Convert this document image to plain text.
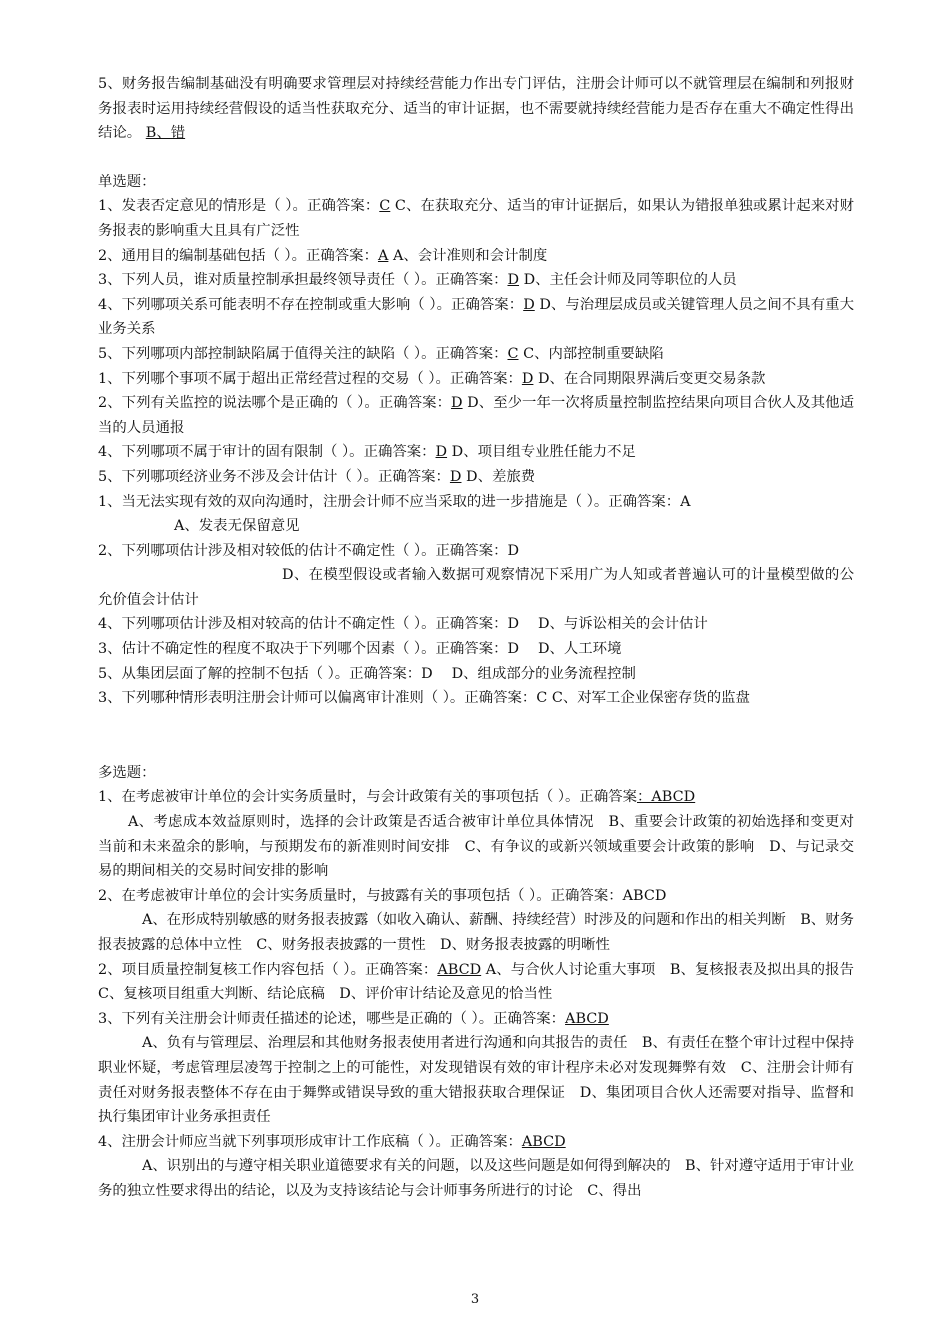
5、财务报告编制基础没有明确要求管理层对持续经营能力作出专门评估，注册会计师可以不就管理层在编制和列报财务报表时运用持续经营假设的适当性获取充分、适当的审计证据，也不需要就持续经营能力是否存在重大不确定性得出结论。 B、错

单选题：

1、发表否定意见的情形是（ ）。正确答案：C C、在获取充分、适当的审计证据后，如果认为错报单独或累计起来对财务报表的影响重大且具有广泛性

2、通用目的编制基础包括（ ）。正确答案：A A、会计准则和会计制度

3、下列人员，谁对质量控制承担最终领导责任（ ）。正确答案：D D、主任会计师及同等职位的人员

4、下列哪项关系可能表明不存在控制或重大影响（ ）。正确答案：D D、与治理层成员或关键管理人员之间不具有重大业务关系

5、下列哪项内部控制缺陷属于值得关注的缺陷（ ）。正确答案：C C、内部控制重要缺陷

1、下列哪个事项不属于超出正常经营过程的交易（ ）。正确答案：D D、在合同期限界满后变更交易条款

2、下列有关监控的说法哪个是正确的（ ）。正确答案：D D、至少一年一次将质量控制监控结果向项目合伙人及其他适当的人员通报

4、下列哪项不属于审计的固有限制（ ）。正确答案：D D、项目组专业胜任能力不足

5、下列哪项经济业务不涉及会计估计（ ）。正确答案：D D、差旅费

1、当无法实现有效的双向沟通时，注册会计师不应当采取的进一步措施是（ ）。正确答案：A

A、发表无保留意见

2、下列哪项估计涉及相对较低的估计不确定性（ ）。正确答案：D

D、在模型假设或者输入数据可观察情况下采用广为人知或者普遍认可的计量模型做的公允价值会计估计

4、下列哪项估计涉及相对较高的估计不确定性（ ）。正确答案：D　 D、与诉讼相关的会计估计

3、估计不确定性的程度不取决于下列哪个因素（ ）。正确答案：D　 D、人工环境

5、从集团层面了解的控制不包括（ ）。正确答案：D　 D、组成部分的业务流程控制

3、下列哪种情形表明注册会计师可以偏离审计准则（ ）。正确答案：C C、对军工企业保密存货的监盘

多选题：

1、在考虑被审计单位的会计实务质量时，与会计政策有关的事项包括（ ）。正确答案：ABCD

A、考虑成本效益原则时，选择的会计政策是否适合被审计单位具体情况　B、重要会计政策的初始选择和变更对当前和未来盈余的影响，与预期发布的新准则时间安排　C、有争议的或新兴领域重要会计政策的影响　D、与记录交易的期间相关的交易时间安排的影响

2、在考虑被审计单位的会计实务质量时，与披露有关的事项包括（ ）。正确答案：ABCD

A、在形成特别敏感的财务报表披露（如收入确认、薪酬、持续经营）时涉及的问题和作出的相关判断　B、财务报表披露的总体中立性　C、财务报表披露的一贯性　D、财务报表披露的明晰性

2、项目质量控制复核工作内容包括（ ）。正确答案：ABCD A、与合伙人讨论重大事项　B、复核报表及拟出具的报告　C、复核项目组重大判断、结论底稿　D、评价审计结论及意见的恰当性

3、下列有关注册会计师责任描述的论述，哪些是正确的（ ）。正确答案：ABCD

A、负有与管理层、治理层和其他财务报表使用者进行沟通和向其报告的责任　B、有责任在整个审计过程中保持职业怀疑，考虑管理层凌驾于控制之上的可能性，对发现错误有效的审计程序未必对发现舞弊有效　C、注册会计师有责任对财务报表整体不存在由于舞弊或错误导致的重大错报获取合理保证　D、集团项目合伙人还需要对指导、监督和执行集团审计业务承担责任

4、注册会计师应当就下列事项形成审计工作底稿（ ）。正确答案：ABCD

A、识别出的与遵守相关职业道德要求有关的问题，以及这些问题是如何得到解决的　B、针对遵守适用于审计业务的独立性要求得出的结论，以及为支持该结论与会计师事务所进行的讨论　C、得出

3
